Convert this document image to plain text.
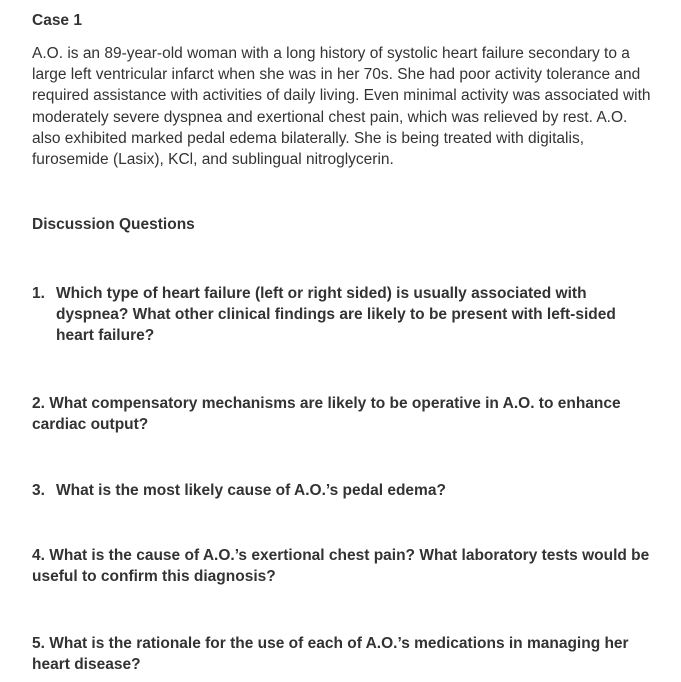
Case 1

A.O. is an 89-year-old woman with a long history of systolic heart failure secondary to a large left ventricular infarct when she was in her 70s. She had poor activity tolerance and required assistance with activities of daily living. Even minimal activity was associated with moderately severe dyspnea and exertional chest pain, which was relieved by rest. A.O. also exhibited marked pedal edema bilaterally. She is being treated with digitalis, furosemide (Lasix), KCl, and sublingual nitroglycerin.

Discussion Questions
1. Which type of heart failure (left or right sided) is usually associated with dyspnea? What other clinical findings are likely to be present with left-sided heart failure?
2. What compensatory mechanisms are likely to be operative in A.O. to enhance cardiac output?
3. What is the most likely cause of A.O.’s pedal edema?
4. What is the cause of A.O.’s exertional chest pain? What laboratory tests would be useful to confirm this diagnosis?
5. What is the rationale for the use of each of A.O.’s medications in managing her heart disease?
